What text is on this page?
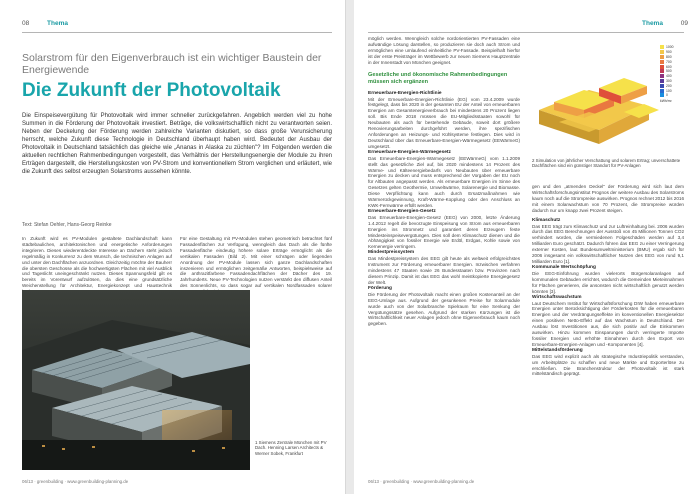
08	Thema
Solarstrom für den Eigenverbrauch ist ein wichtiger Baustein der Energiewende
Die Zukunft der Photovoltaik
Die Einspeisevergütung für Photovoltaik wird immer schneller zurückgefahren. Angeblich werden viel zu hohe Summen in die Förderung der Photovoltaik investiert. Beträge, die volkswirtschaftlich nicht zu verantworten seien. Neben der Deckelung der Förderung werden zahlreiche Varianten diskutiert, so dass große Verunsicherung herrscht, welche Zukunft diese Technologie in Deutschland überhaupt haben wird. Bedeutet der Ausbau der Photovoltaik in Deutschland tatsächlich das gleiche wie „Ananas in Alaska zu züchten"? Im Folgenden werden die aktuellen rechtlichen Rahmenbedingungen vorgestellt, das Verhältnis der Herstellungsenergie der Module zu ihren Erträgen dargestellt, die Herstellungskosten von PV-Strom und konventionellem Strom verglichen und erläutert, wie die Zukunft des selbst erzeugten Solarstroms aussehen könnte.
Text: Stefan Oehler, Hans-Georg Reinke
In Zukunft wird es PV-Modulen gestaltete Dachlandschaft kann städtebaulichen, architektonischen und energetische Anforderungen integrieren. Dieses wiederentdeckte Interesse an Dächern steht jedoch regelmäßig in Konkurrenz zu dem Wunsch, die technischen Anlagen auf und unter den Dachflächen anzuordnen. Gleichzeitig möchte der Bauherr die obersten Geschosse als die hochwertigsten Flächen mit viel Ausblick und Tageslicht uneingeschränkt nutzen. Dieses Spannungsfeld gilt es bereits im Vorentwurf aufzulösen, da dies eine grundsätzliche Weichenstellung für Architektur, Energiekonzept und Haustechnik
Für eine Gestaltung mit PV-Modulen stehen geometrisch betrachtet fünf Fassadenflächen zur Verfügung, wenngleich das Dach als die fünfte Fassadenfläche eindeutig höhere solare Erträge ermöglicht als die vertikalen Fassaden (Bild 2). Mit einer schrägen oder liegenden Anordnung der PV-Module lassen sich ganze Dachlandschaften inszenieren und ermöglichen zeitgemäße Antworten, beispielsweise auf die anthrazitfarbene Fassadendachflächen der Dächer des 19. Jahrhunderts. Neue PV-Technologien nutzen verstärkt den diffusen Anteil des Sonnenlichts, so dass sogar auf vertikalen Nordfassaden solarer
1 Siemens Zentrale München mit PV Dach. Henning Larsen Architects & Werner Sobek, Frankfurt
06/13 · greenbuilding · www.greenbuilding-planning.de
Thema	09
möglich werden. Wenngleich solche nordorientierten PV-Fassaden eine aufwändige Lösung darstellen, so produzieren sie doch auch Strom und ermöglichen eine umlaufend einheitliche PV-Fassade. Beispielhaft hierfür ist der erste Preisträger im Wettbewerb zur neuen Siemens Hauptzentrale in der Innenstadt von München geeignet.
Gesetzliche und ökonomische Rahmenbedingungen müssen sich ergänzen
Erneuerbare-Energien-Richtlinie
Mit der Erneuerbare-Energien-Richtlinie (EG) vom 23.4.2009 wurde festgelegt, dass bis 2020 in der gesamten EU der Anteil von erneuerbaren Energien am Gesamtenergieverbrauch bei mindestens 20 Prozent liegen soll. Bis Ende 2018 müssen die EU-Mitgliedsstaaten sowohl für Neubauten als auch für bestehende Gebäude, soweit dort größere Renovierungsarbeiten durchgeführt werden, ihre spezifischen Anforderungen an Heizungs- und Kühlsysteme festlegen. Dies wird in Deutschland über das Erneuerbare-Energien-Wärmegesetz (EEWärmeG) umgesetzt.
Erneuerbare-Energien-Wärmegesetz
Das Erneuerbare-Energien-Wärmegesetz (EEWärmeG) vom 1.1.2009 stellt das gesetzliche Ziel auf, bis 2020 mindestens 14 Prozent des Wärme- und Kälteenergiebedarfs von Neubauten über erneuerbare Energien zu decken und muss entsprechend der Vorgaben der EU noch für Altbauten angepasst werden. Als erneuerbare Energien im Sinne des Gesetzes gelten Geothermie, Umweltwärme, Solarenergie und Biomasse. Diese Verpflichtung kann auch durch Ersatzmaßnahmen wie Wärmerückgewinnung, Kraft-Wärme-Kopplung oder den Anschluss an KWK-Fernwärme erfüllt werden.
Erneuerbare-Energien-Gesetz
Das Erneuerbare-Energien-Gesetz (EEG) von 2000, letzte Änderung 1.4.2012 regelt die bevorzugte Einspeisung von Strom aus erneuerbaren Energien ins Stromnetz und garantiert deren Erzeugern feste Mindesteinspeisevergütungen. Dies soll dem Klimaschutz dienen und die Abhängigkeit von fossiler Energie wie Erdöl, Erdgas, Kohle sowie von Kernenergie verringern.
Mindestpreissystem
Das Mindestpreissystem des EEG gilt heute als weltweit erfolgreichstes Instrument zur Förderung erneuerbarer Energien. Inzwischen verfahren mindestens 47 Staaten sowie 26 Bundesstaaten bzw. Provinzen nach diesem Prinzip. Damit ist das EEG das wohl meistkopierte Energiegesetz der Welt.
Förderung
Die Förderung der Photovoltaik macht einen großen Kostenanteil an der EEG-Umlage aus. Aufgrund der gesunkenen Preise für Solarmodule wurde auch von der Solarbranche Spielraum für eine Senkung der Vergütungssätze gesehen. Aufgrund der starken Kürzungen ist die Wirtschaftlichkeit neuer Anlagen jedoch ohne Eigenverbrauch kaum noch gegeben.
1000
900
800
700
600
500
400
300
200
100
0
kWh/m²
2 Simulation von jährlicher Verschattung und solarem Ertrag; unverschattete Dachflächen sind ein günstiger Standort für PV-Anlagen
gen und den „atmenden Deckel" der Förderung wird sich laut dem Wirtschaftsforschungsinstitut Prognos der weitere Ausbau des Solarstroms kaum noch auf die Strompreise auswirken. Prognos rechnet 2012 bis 2016 mit einem Solarwachstum von 70 Prozent, die Strompreise würden dadurch nur um knapp zwei Prozent steigen.
Klimaschutz
Das EEG trägt zum Klimaschutz und zur Luftreinhaltung bei. 2006 wurden durch das EEG Berechnungen der Ausstoß von 45 Millionen Tonnen CO2 verhindert worden, die vermiedenen Folgeschäden werden auf 3,4 Milliarden Euro geschätzt. Dadurch führen das EEG zu einer Verringerung externer Kosten, laut Bundesumweltministerium (BMU) ergab sich für 2006 insgesamt ein volkswirtschaftlicher Nutzen des EEG von rund 9,1 Milliarden Euro [1].
Kommunale Wertschöpfung
Die EEG-Einführung wurden vielerorts Bürgersolaranlagen auf kommunalen Gebäuden errichtet, wodurch die Gemeinden Mieteinnahmen für Flächen generieren, die ansonsten nicht wirtschaftlich genutzt werden könnten [3].
Wirtschaftswachstum
Laut Deutschem Institut für Wirtschaftsforschung DIW haben erneuerbare Energien unter Berücksichtigung der Förderkosten für die erneuerbaren Energien und der Verdrängungseffekte im konventionellen Energiesektor einen positiven Netto-Effekt auf das Wachstum in Deutschland. Der Ausbau löst Investitionen aus, die sich positiv auf die Einkommen auswirken. Hinzu kommen Einsparungen durch verringerte Importe fossiler Energien und erhöhte Einnahmen durch den Export von Erneuerbare-Energien-Anlagen und -Komponenten [4].
Mittelstandsförderung
Das EEG wird explizit auch als strategische Industriepolitik verstanden, um Arbeitsplätze zu schaffen und neue Märkte und Exporterlöse zu erschließen. Die Branchenstruktur der Photovoltaik ist stark mittelständisch geprägt.
06/13 · greenbuilding · www.greenbuilding-planning.de
